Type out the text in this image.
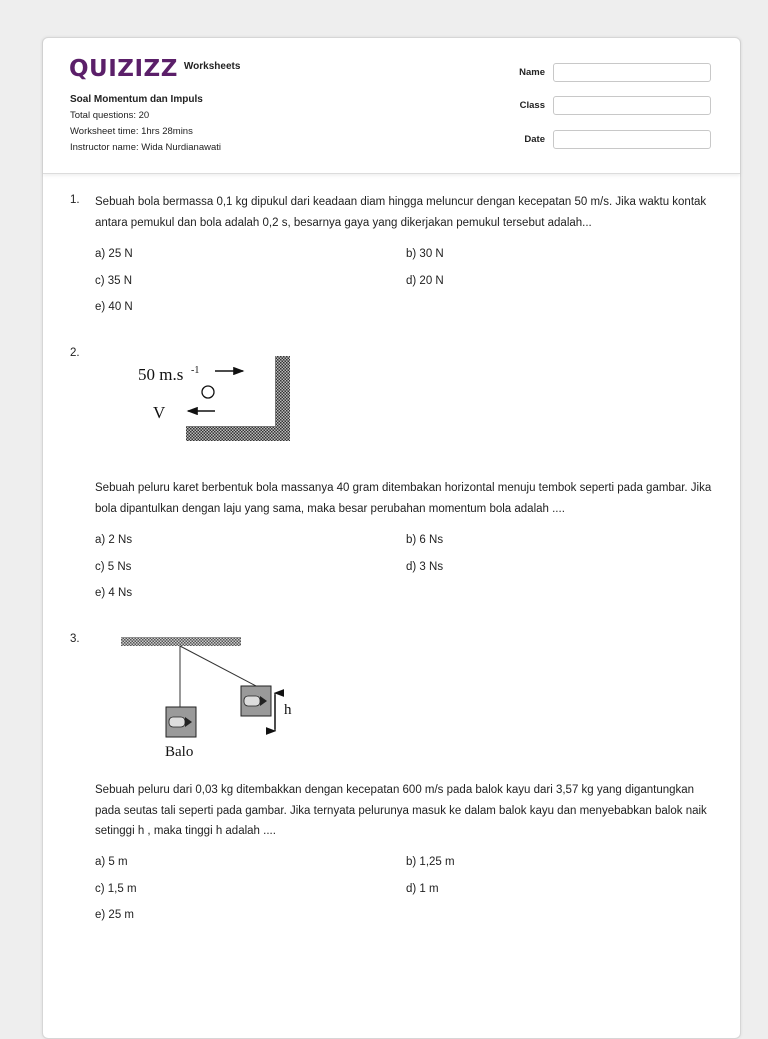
QUIZIZZ Worksheets
Soal Momentum dan Impuls
Total questions: 20
Worksheet time: 1hrs 28mins
Instructor name: Wida Nurdianawati
Name
Class
Date
1. Sebuah bola bermassa 0,1 kg dipukul dari keadaan diam hingga meluncur dengan kecepatan 50 m/s. Jika waktu kontak antara pemukul dan bola adalah 0,2 s, besarnya gaya yang dikerjakan pemukul tersebut adalah...
a) 25 N	b) 30 N
c) 35 N	d) 20 N
e) 40 N
2.
50 m.s -1
V
Sebuah peluru karet berbentuk bola massanya 40 gram ditembakan horizontal menuju tembok seperti pada gambar. Jika bola dipantulkan dengan laju yang sama, maka besar perubahan momentum bola adalah ....
a) 2 Ns	b) 6 Ns
c) 5 Ns	d) 3 Ns
e) 4 Ns
3.
h
Balo
Sebuah peluru dari 0,03 kg ditembakkan dengan kecepatan 600 m/s pada balok kayu dari 3,57 kg yang digantungkan pada seutas tali seperti pada gambar. Jika ternyata pelurunya masuk ke dalam balok kayu dan menyebabkan balok naik setinggi h , maka tinggi h adalah ....
a) 5 m	b) 1,25 m
c) 1,5 m	d) 1 m
e) 25 m
